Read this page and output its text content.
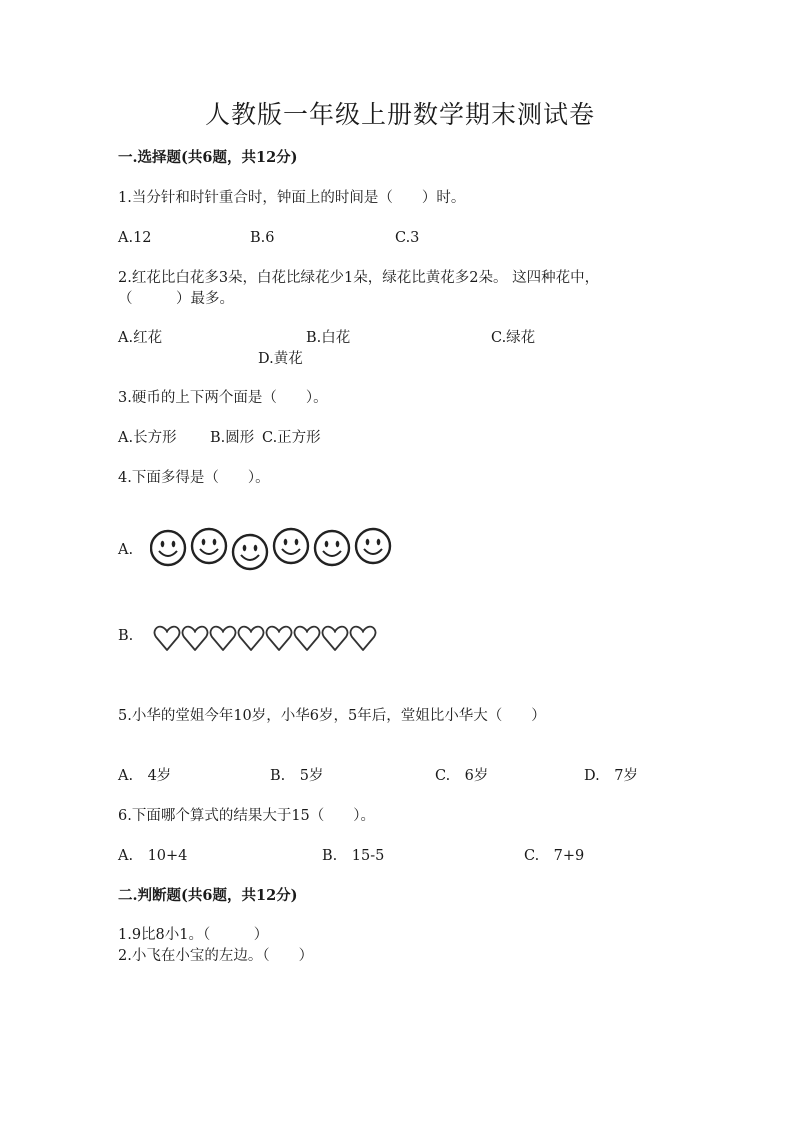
人教版一年级上册数学期末测试卷
一.选择题(共6题，共12分)
1.当分针和时针重合时，钟面上的时间是（　　）时。
A.12	B.6	C.3
2.红花比白花多3朵，白花比绿花少1朵，绿花比黄花多2朵。 这四种花中，
（　　　）最多。
A.红花	B.白花	C.绿花
D.黄花
3.硬币的上下两个面是（　　）。
A.长方形 B.圆形 C.正方形
4.下面多得是（　　）。
A.
B.
5.小华的堂姐今年10岁，小华6岁，5年后，堂姐比小华大（　　）
A.　4岁	B.　5岁	C.　6岁	D.　7岁
6.下面哪个算式的结果大于15（　　）。
A.　10+4	B.　15-5	C.　7+9
二.判断题(共6题，共12分)
1.9比8小1。（　　　）
2.小飞在小宝的左边。（　　）
